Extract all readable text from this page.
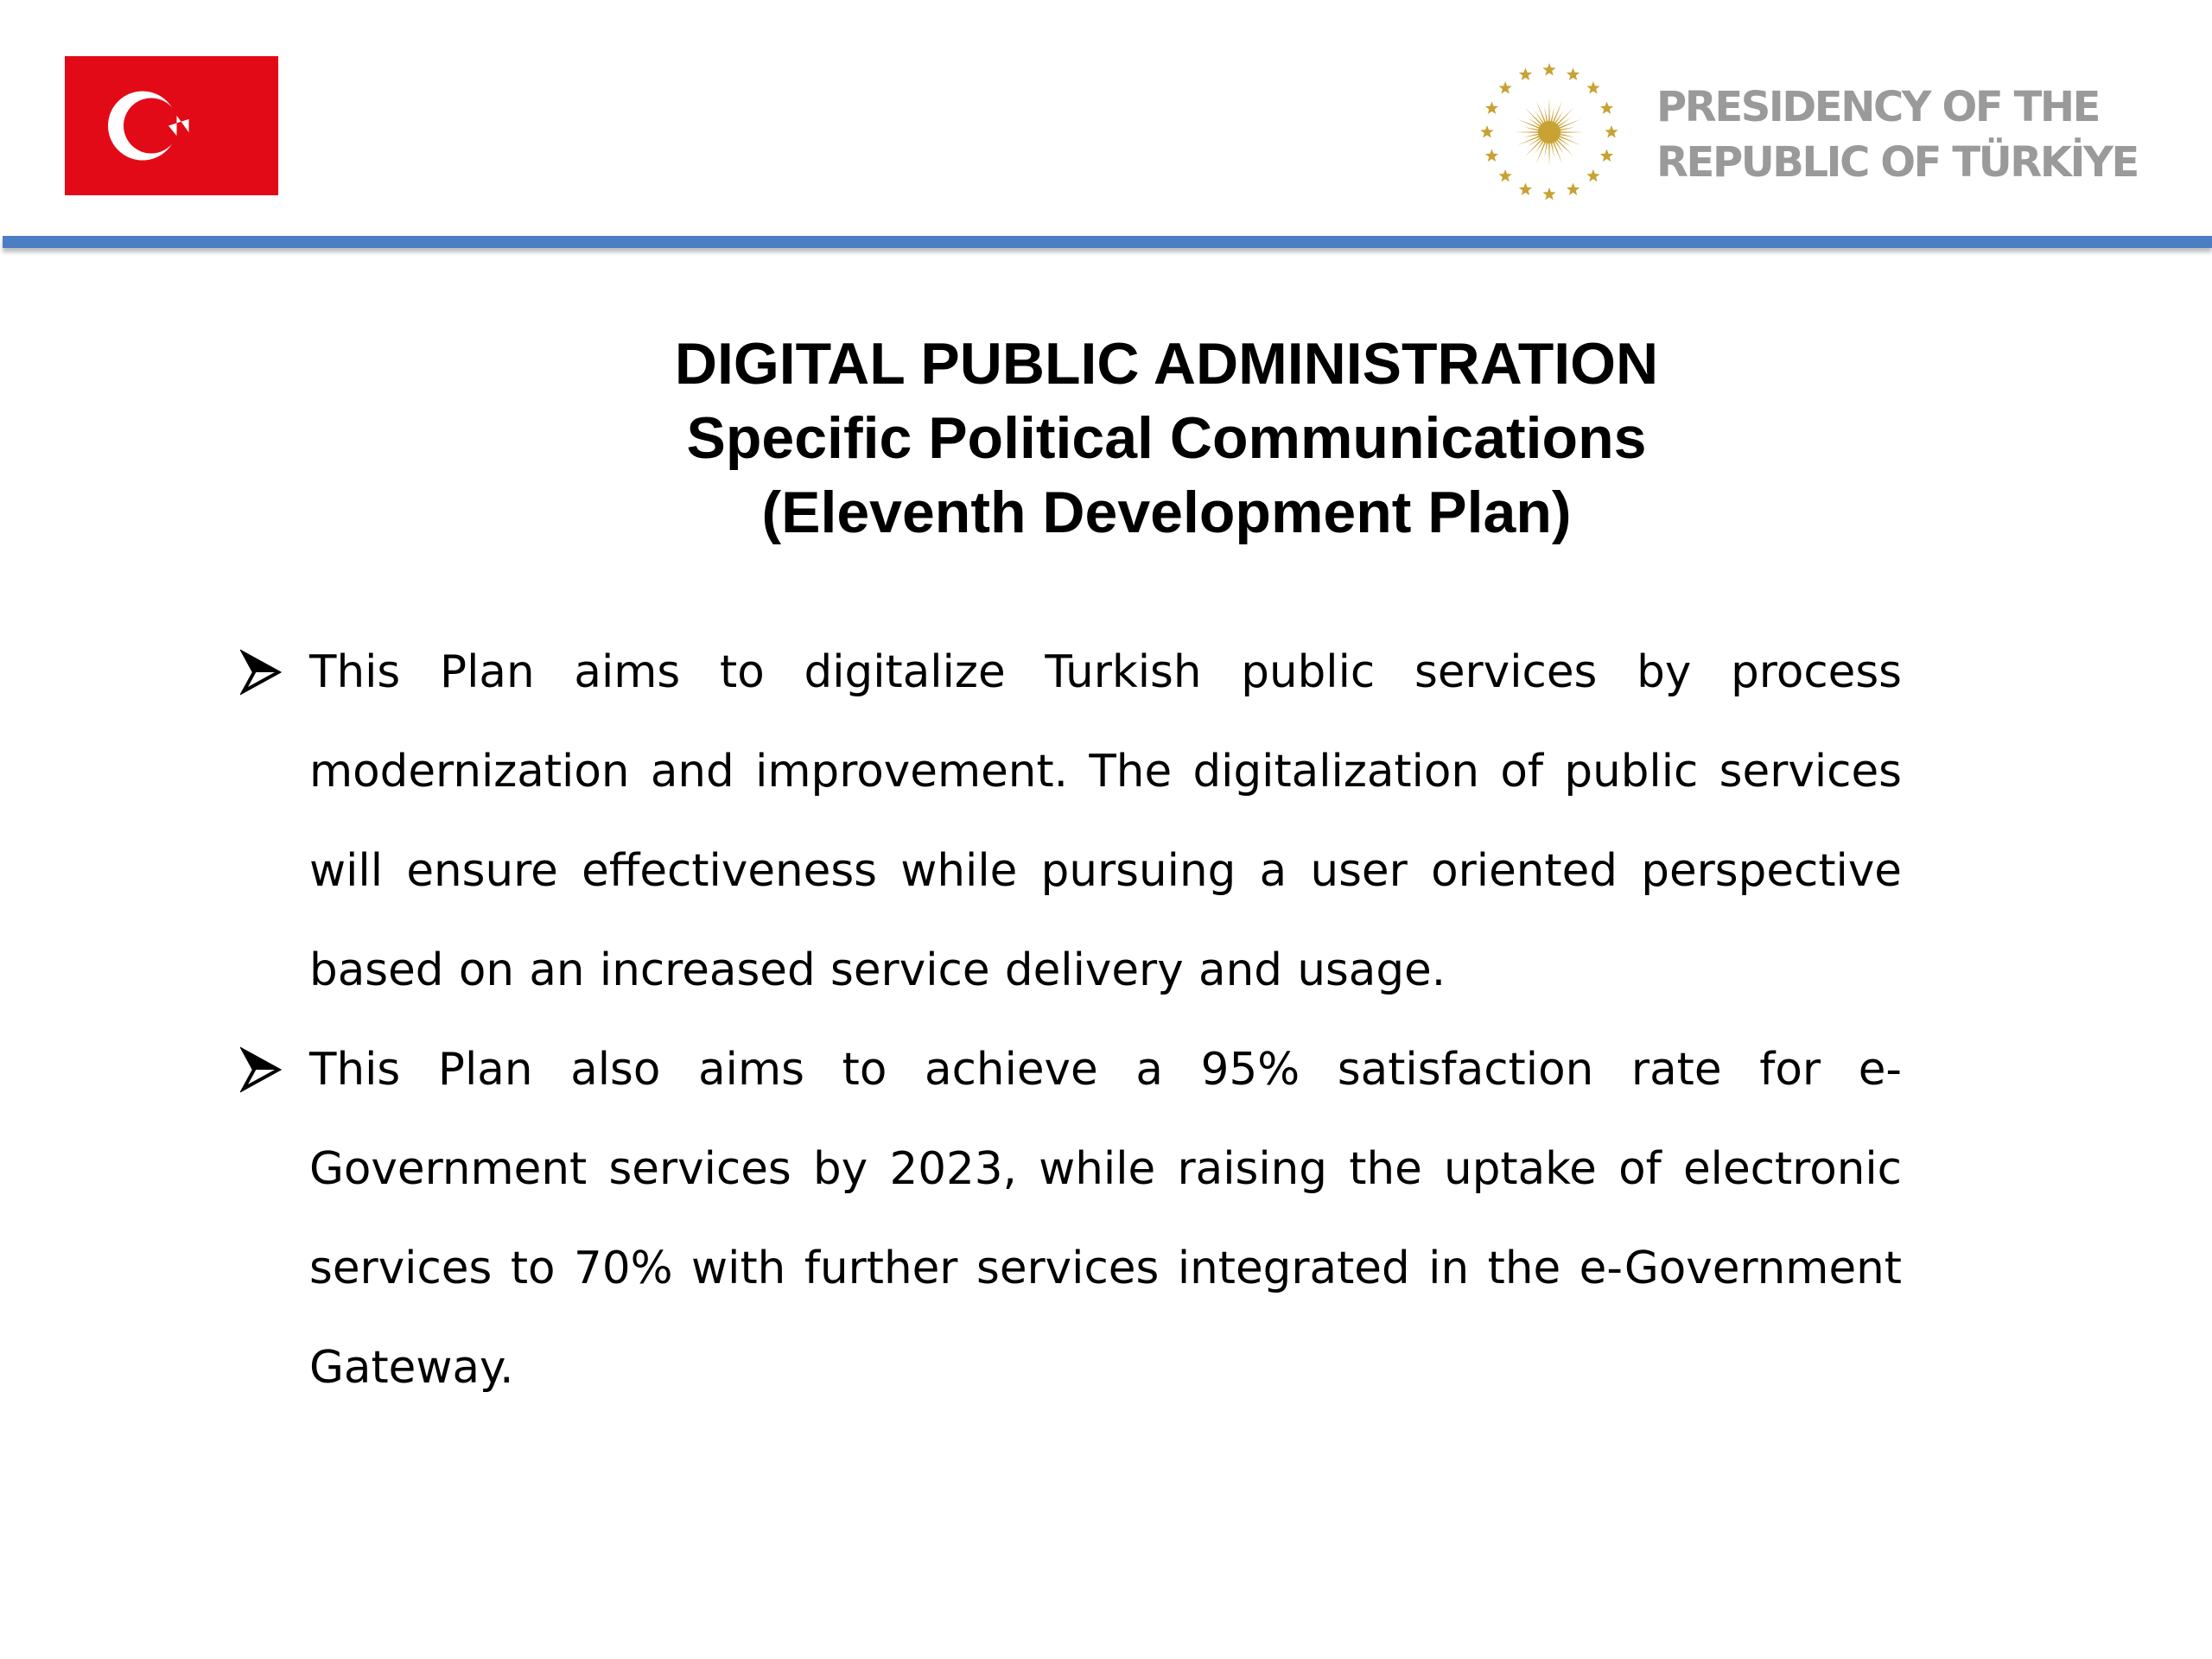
PRESIDENCY OF THE
REPUBLIC OF TÜRKİYE
DIGITAL PUBLIC ADMINISTRATION
Specific Political Communications
(Eleventh Development Plan)
This Plan aims to digitalize Turkish public services by process modernization and improvement. The digitalization of public services will ensure effectiveness while pursuing a user oriented perspective based on an increased service delivery and usage.
This Plan also aims to achieve a 95% satisfaction rate for e-Government services by 2023, while raising the uptake of electronic services to 70% with further services integrated in the e-Government Gateway.
